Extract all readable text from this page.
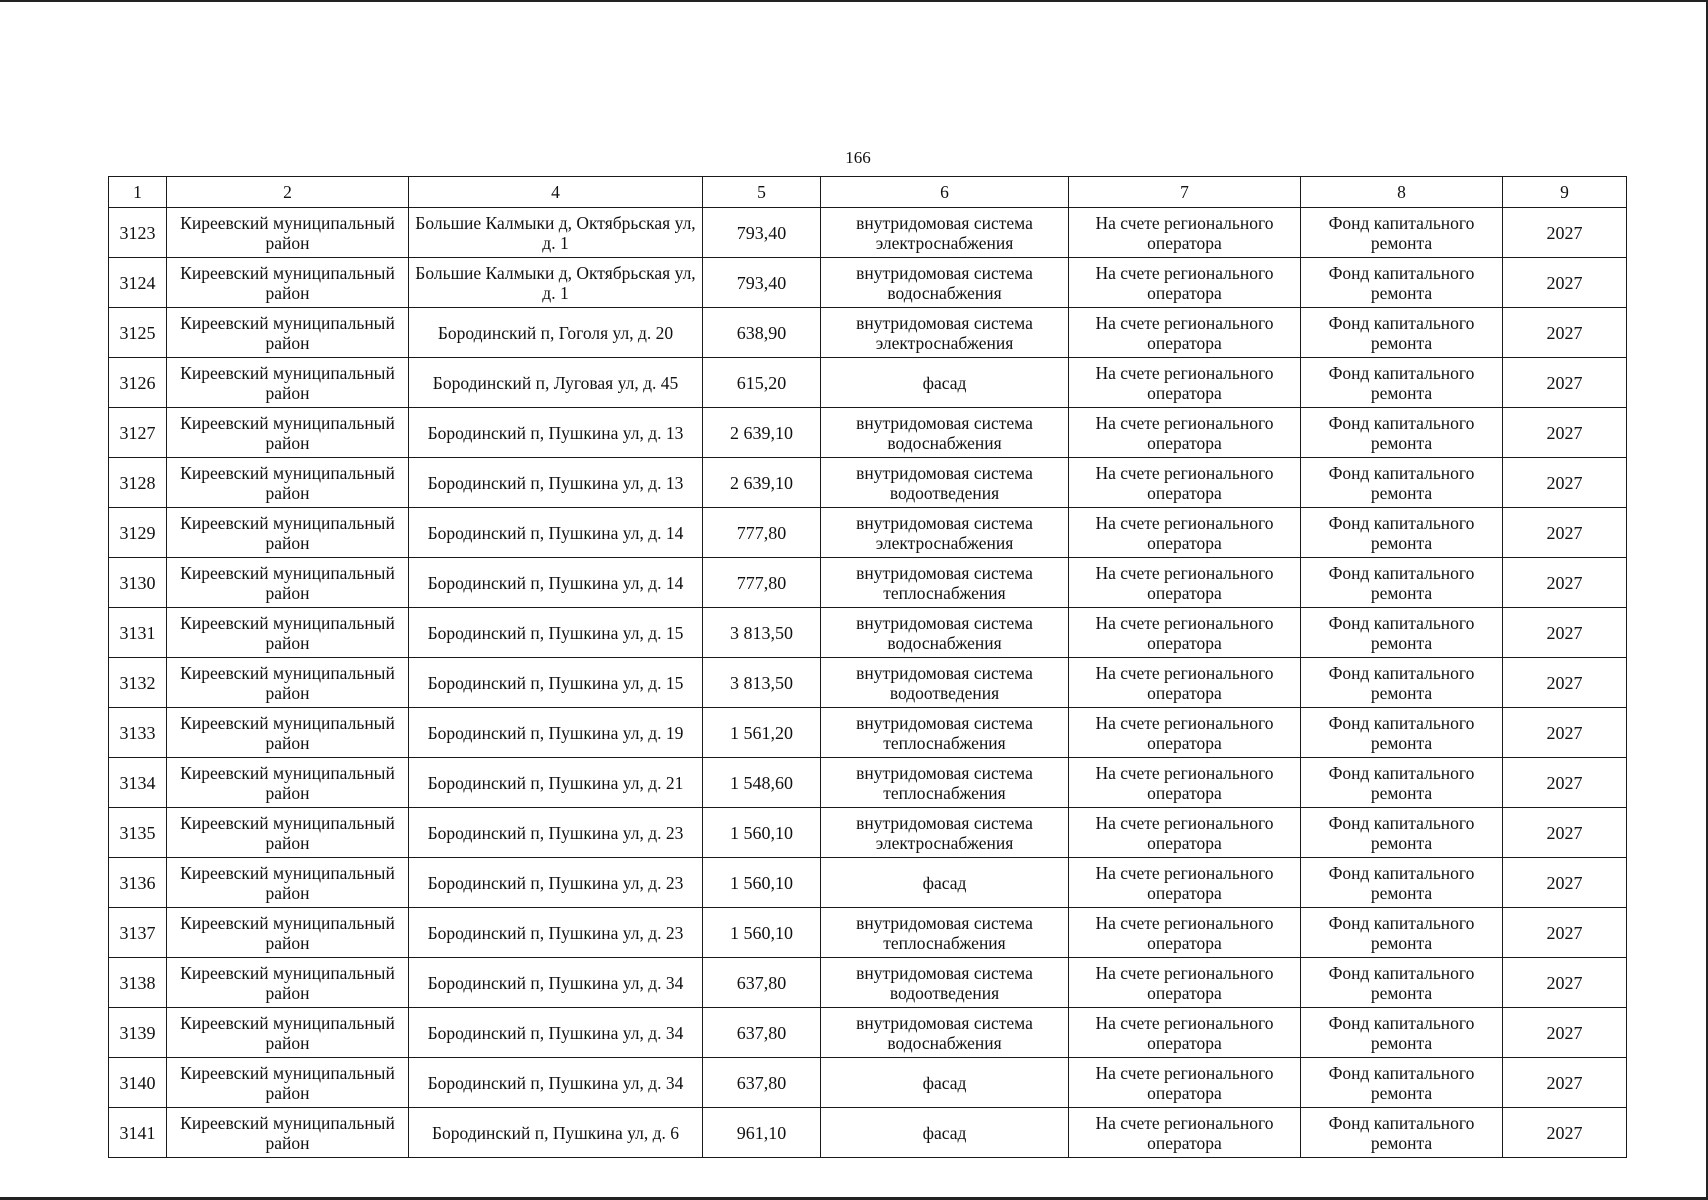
166
1	2	4	5	6	7	8	9
3123	Киреевский муниципальный район	Большие Калмыки д, Октябрьская ул, д. 1	793,40	внутридомовая система электроснабжения	На счете регионального оператора	Фонд капитального ремонта	2027
3124	Киреевский муниципальный район	Большие Калмыки д, Октябрьская ул, д. 1	793,40	внутридомовая система водоснабжения	На счете регионального оператора	Фонд капитального ремонта	2027
3125	Киреевский муниципальный район	Бородинский п, Гоголя ул, д. 20	638,90	внутридомовая система электроснабжения	На счете регионального оператора	Фонд капитального ремонта	2027
3126	Киреевский муниципальный район	Бородинский п, Луговая ул, д. 45	615,20	фасад	На счете регионального оператора	Фонд капитального ремонта	2027
3127	Киреевский муниципальный район	Бородинский п, Пушкина ул, д. 13	2 639,10	внутридомовая система водоснабжения	На счете регионального оператора	Фонд капитального ремонта	2027
3128	Киреевский муниципальный район	Бородинский п, Пушкина ул, д. 13	2 639,10	внутридомовая система водоотведения	На счете регионального оператора	Фонд капитального ремонта	2027
3129	Киреевский муниципальный район	Бородинский п, Пушкина ул, д. 14	777,80	внутридомовая система электроснабжения	На счете регионального оператора	Фонд капитального ремонта	2027
3130	Киреевский муниципальный район	Бородинский п, Пушкина ул, д. 14	777,80	внутридомовая система теплоснабжения	На счете регионального оператора	Фонд капитального ремонта	2027
3131	Киреевский муниципальный район	Бородинский п, Пушкина ул, д. 15	3 813,50	внутридомовая система водоснабжения	На счете регионального оператора	Фонд капитального ремонта	2027
3132	Киреевский муниципальный район	Бородинский п, Пушкина ул, д. 15	3 813,50	внутридомовая система водоотведения	На счете регионального оператора	Фонд капитального ремонта	2027
3133	Киреевский муниципальный район	Бородинский п, Пушкина ул, д. 19	1 561,20	внутридомовая система теплоснабжения	На счете регионального оператора	Фонд капитального ремонта	2027
3134	Киреевский муниципальный район	Бородинский п, Пушкина ул, д. 21	1 548,60	внутридомовая система теплоснабжения	На счете регионального оператора	Фонд капитального ремонта	2027
3135	Киреевский муниципальный район	Бородинский п, Пушкина ул, д. 23	1 560,10	внутридомовая система электроснабжения	На счете регионального оператора	Фонд капитального ремонта	2027
3136	Киреевский муниципальный район	Бородинский п, Пушкина ул, д. 23	1 560,10	фасад	На счете регионального оператора	Фонд капитального ремонта	2027
3137	Киреевский муниципальный район	Бородинский п, Пушкина ул, д. 23	1 560,10	внутридомовая система теплоснабжения	На счете регионального оператора	Фонд капитального ремонта	2027
3138	Киреевский муниципальный район	Бородинский п, Пушкина ул, д. 34	637,80	внутридомовая система водоотведения	На счете регионального оператора	Фонд капитального ремонта	2027
3139	Киреевский муниципальный район	Бородинский п, Пушкина ул, д. 34	637,80	внутридомовая система водоснабжения	На счете регионального оператора	Фонд капитального ремонта	2027
3140	Киреевский муниципальный район	Бородинский п, Пушкина ул, д. 34	637,80	фасад	На счете регионального оператора	Фонд капитального ремонта	2027
3141	Киреевский муниципальный район	Бородинский п, Пушкина ул, д. 6	961,10	фасад	На счете регионального оператора	Фонд капитального ремонта	2027
